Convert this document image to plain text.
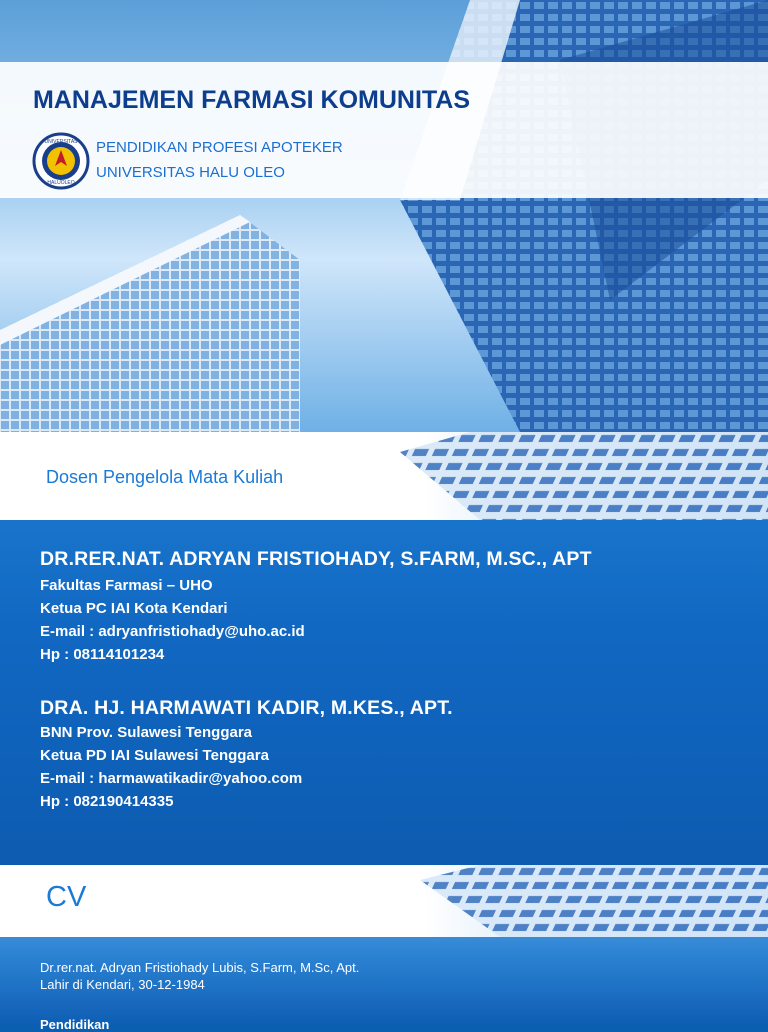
MANAJEMEN FARMASI KOMUNITAS
UNIVERSITAS
HALUOLEO

PENDIDIKAN PROFESI APOTEKER

UNIVERSITAS HALU OLEO

Dosen Pengelola Mata Kuliah

DR.RER.NAT. ADRYAN FRISTIOHADY, S.FARM, M.SC., APT

Fakultas Farmasi – UHO

Ketua PC IAI Kota Kendari

E-mail : adryanfristiohady@uho.ac.id

Hp : 08114101234

DRA. HJ. HARMAWATI KADIR, M.KES., APT.

BNN Prov. Sulawesi Tenggara

Ketua PD IAI Sulawesi Tenggara

E-mail : harmawatikadir@yahoo.com

Hp : 082190414335

CV

Dr.rer.nat. Adryan Fristiohady Lubis, S.Farm, M.Sc, Apt.

Lahir di Kendari, 30-12-1984

Pendidikan
